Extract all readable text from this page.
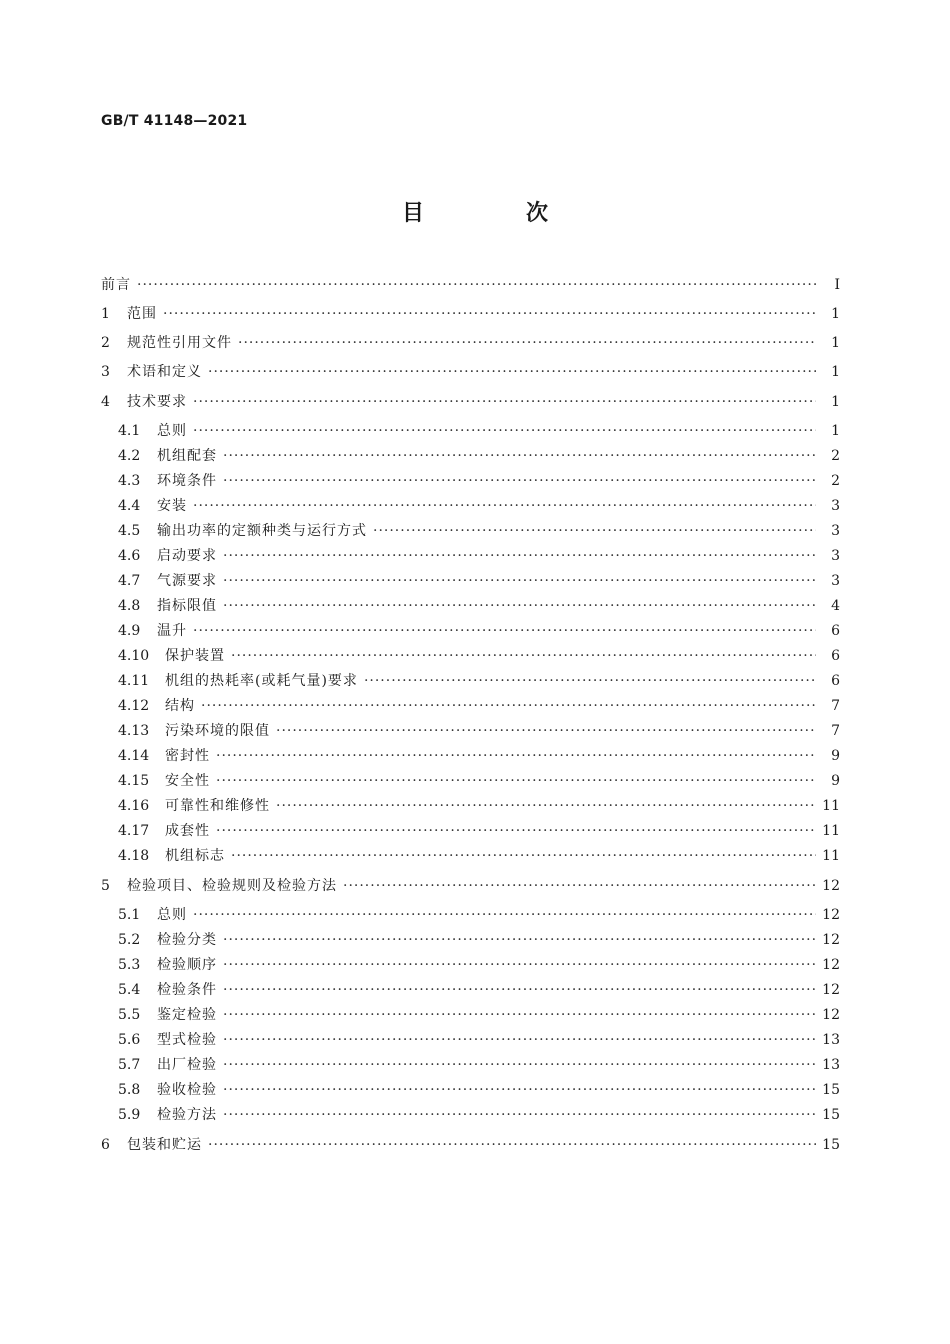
GB/T 41148—2021
目　次
前言 ·····	Ⅰ
1	范围 ·····	1
2	规范性引用文件 ·····	1
3	术语和定义 ·····	1
4	技术要求 ·····	1
4.1	总则 ·····	1
4.2	机组配套 ·····	2
4.3	环境条件 ·····	2
4.4	安装 ·····	3
4.5	输出功率的定额种类与运行方式 ·····	3
4.6	启动要求 ·····	3
4.7	气源要求 ·····	3
4.8	指标限值 ·····	4
4.9	温升 ·····	6
4.10	保护装置 ·····	6
4.11	机组的热耗率(或耗气量)要求 ·····	6
4.12	结构 ·····	7
4.13	污染环境的限值 ·····	7
4.14	密封性 ·····	9
4.15	安全性 ·····	9
4.16	可靠性和维修性 ·····	11
4.17	成套性 ·····	11
4.18	机组标志 ·····	11
5	检验项目、检验规则及检验方法 ·····	12
5.1	总则 ·····	12
5.2	检验分类 ·····	12
5.3	检验顺序 ·····	12
5.4	检验条件 ·····	12
5.5	鉴定检验 ·····	12
5.6	型式检验 ·····	13
5.7	出厂检验 ·····	13
5.8	验收检验 ·····	15
5.9	检验方法 ·····	15
6	包装和贮运 ·····	15
